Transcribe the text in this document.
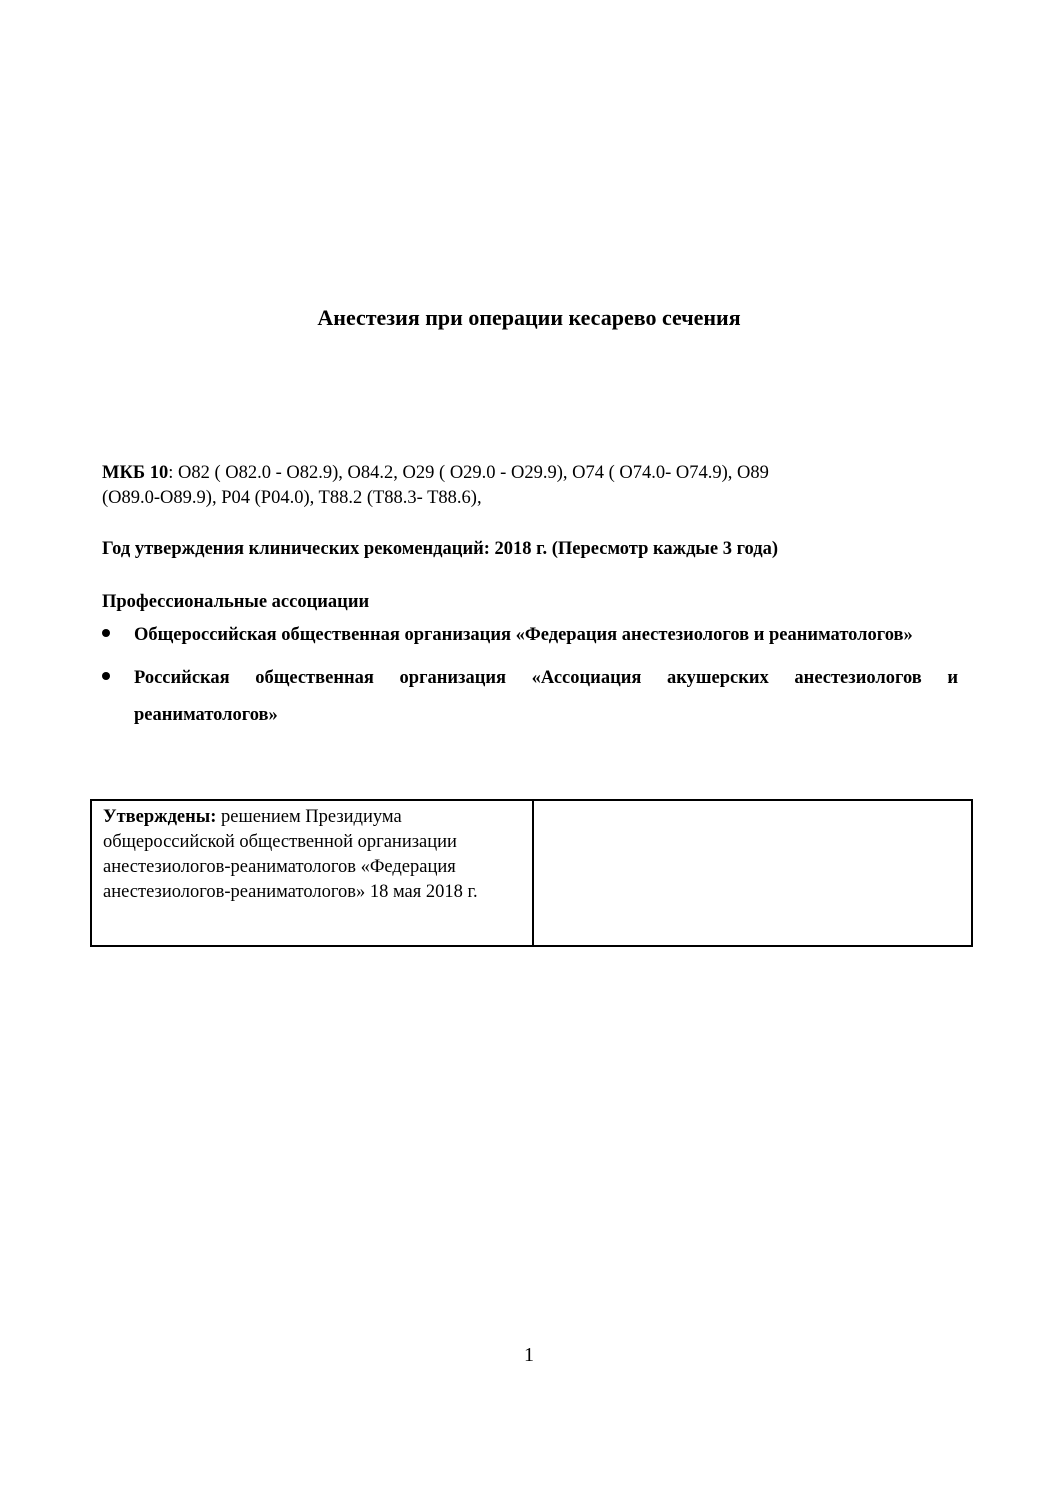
Анестезия при операции кесарево сечения
МКБ 10: O82 ( O82.0 - O82.9), O84.2, O29 ( O29.0 - O29.9), O74 ( O74.0- O74.9), O89
(O89.0-O89.9), P04 (P04.0), T88.2 (T88.3- T88.6),
Год утверждения клинических рекомендаций: 2018 г. (Пересмотр каждые 3 года)
Профессиональные ассоциации
Общероссийская общественная организация «Федерация анестезиологов и реаниматологов»
Российская общественная организация «Ассоциация акушерских анестезиологов и реаниматологов»
Утверждены: решением Президиума общероссийской общественной организации анестезиологов-реаниматологов «Федерация анестезиологов-реаниматологов» 18 мая 2018 г.	
1
